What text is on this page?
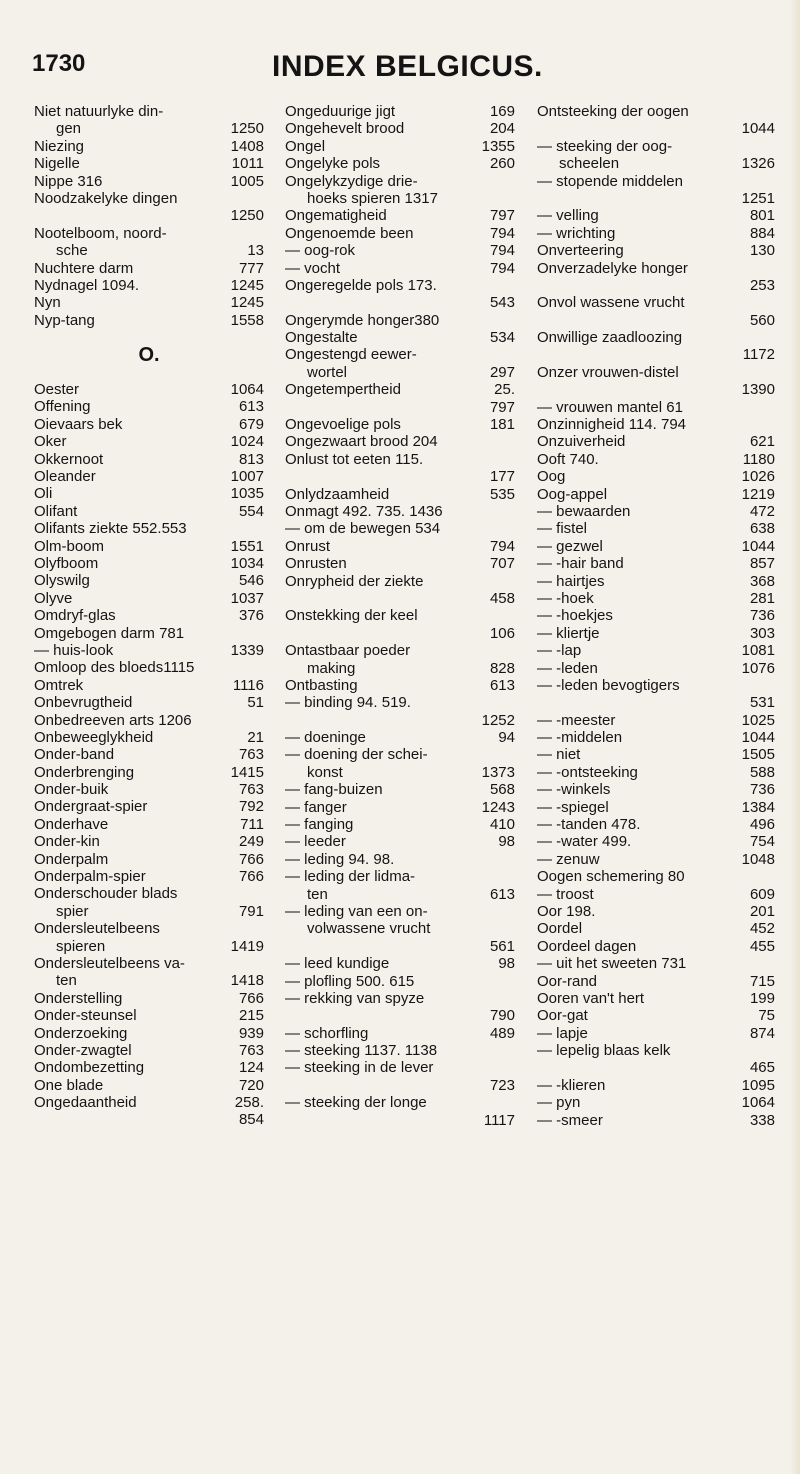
1730	INDEX BELGICUS.
Niet natuurlyke din-
gen	1250
Niezing	1408
Nigelle	1011
Nippe 316	1005
Noodzakelyke dingen
1250
Nootelboom, noord-
sche	13
Nuchtere darm	777
Nydnagel 1094.	1245
Nyn	1245
Nyp-tang	1558
O.
Oester	1064
Offening	613
Oievaars bek	679
Oker	1024
Okkernoot	813
Oleander	1007
Oli	1035
Olifant	554
Olifants ziekte 552.553
Olm-boom	1551
Olyfboom	1034
Olyswilg	546
Olyve	1037
Omdryf-glas	376
Omgebogen darm 781
— huis-look	1339
Omloop des bloeds1115
Omtrek	1116
Onbevrugtheid	51
Onbedreeven arts 1206
Onbeweeglykheid	21
Onder-band	763
Onderbrenging	1415
Onder-buik	763
Ondergraat-spier	792
Onderhave	711
Onder-kin	249
Onderpalm	766
Onderpalm-spier	766
Onderschouder blads
spier	791
Ondersleutelbeens
spieren	1419
Ondersleutelbeens va-
ten	1418
Onderstelling	766
Onder-steunsel	215
Onderzoeking	939
Onder-zwagtel	763
Ondombezetting	124
One blade	720
Ongedaantheid	258.
854
Ongeduurige jigt	169
Ongehevelt brood	204
Ongel	1355
Ongelyke pols	260
Ongelykzydige drie-
hoeks spieren 1317
Ongematigheid	797
Ongenoemde been	794
— oog-rok	794
— vocht	794
Ongeregelde pols 173.
543
Ongerymde honger380
Ongestalte	534
Ongestengd eewer-
wortel	297
Ongetempertheid	25.
797
Ongevoelige pols	181
Ongezwaart brood 204
Onlust tot eeten 115.
177
Onlydzaamheid	535
Onmagt 492. 735. 1436
— om de bewegen 534
Onrust	794
Onrusten	707
Onrypheid der ziekte
458
Onstekking der keel
106
Ontastbaar poeder
making	828
Ontbasting	613
— binding 94. 519.
1252
— doeninge	94
— doening der schei-
konst	1373
— fang-buizen	568
— fanger	1243
— fanging	410
— leeder	98
— leding 94. 98.
— leding der lidma-
ten	613
— leding van een on-
volwassene vrucht
561
— leed kundige	98
— plofling 500. 615
— rekking van spyze
790
— schorfling	489
— steeking 1137. 1138
— steeking in de lever
723
— steeking der longe
1117
Ontsteeking der oogen
1044
— steeking der oog-
scheelen	1326
— stopende middelen
1251
— velling	801
— wrichting	884
Onverteering	130
Onverzadelyke honger
253
Onvol wassene vrucht
560
Onwillige zaadloozing
1172
Onzer vrouwen-distel
1390
— vrouwen mantel 61
Onzinnigheid 114. 794
Onzuiverheid	621
Ooft 740.	1180
Oog	1026
Oog-appel	1219
— bewaarden	472
— fistel	638
— gezwel	1044
— -hair band	857
— hairtjes	368
— -hoek	281
— -hoekjes	736
— kliertje	303
— -lap	1081
— -leden	1076
— -leden bevogtigers
531
— -meester	1025
— -middelen	1044
— niet	1505
— -ontsteeking	588
— -winkels	736
— -spiegel	1384
— -tanden 478.	496
— -water 499.	754
— zenuw	1048
Oogen schemering 80
— troost	609
Oor 198.	201
Oordel	452
Oordeel dagen	455
— uit het sweeten 731
Oor-rand	715
Ooren van't hert	199
Oor-gat	75
— lapje	874
— lepelig blaas kelk
465
— -klieren	1095
— pyn	1064
— -smeer	338
